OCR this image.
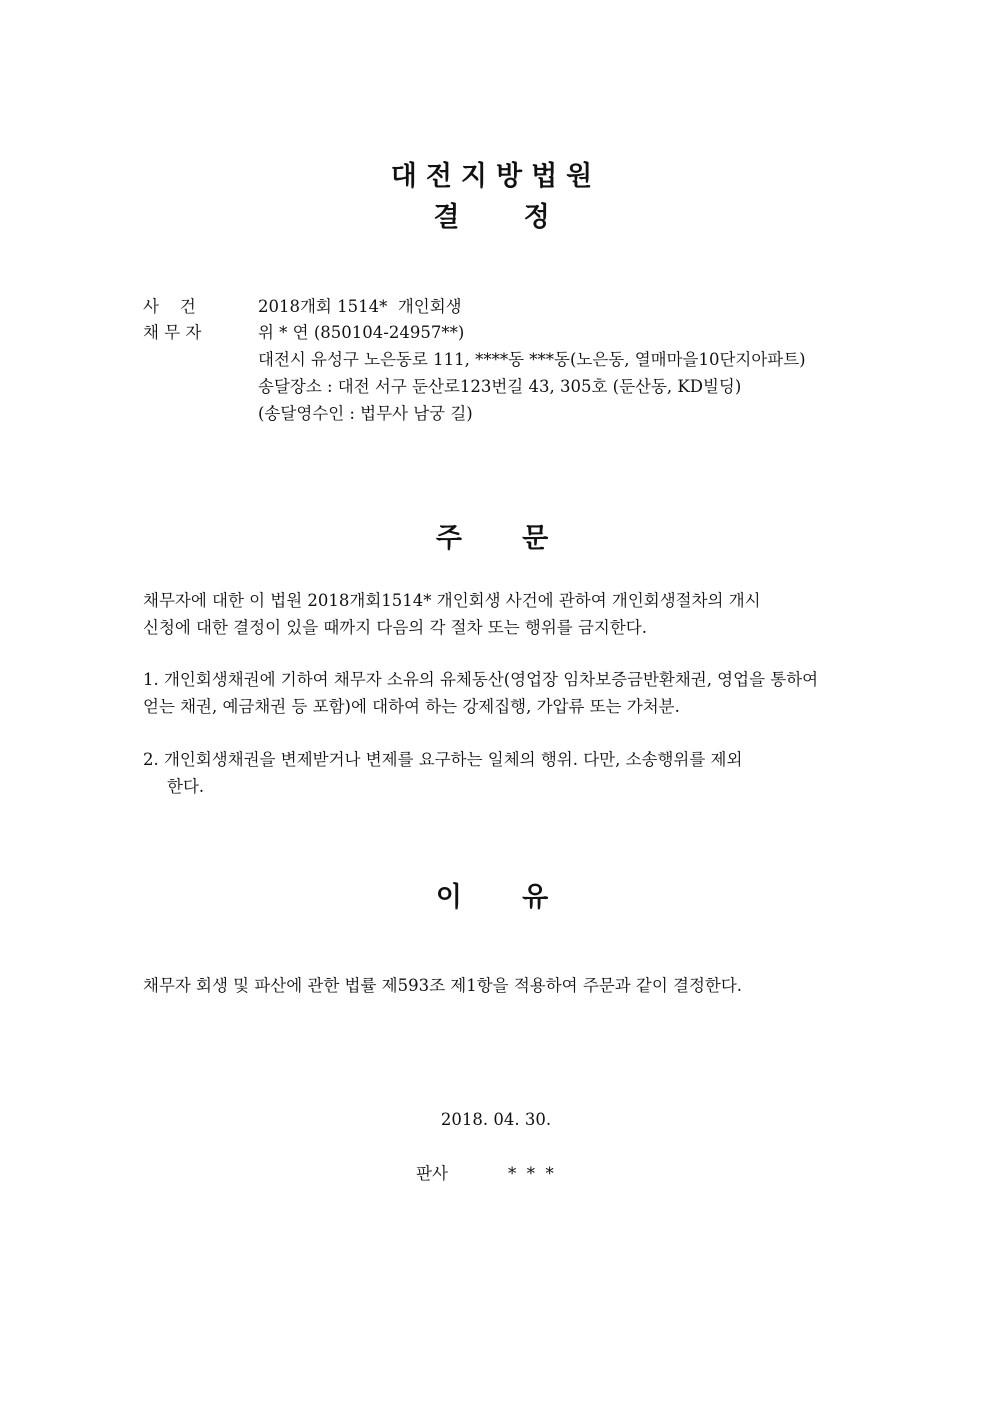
대전지방법원
결   정
사    건	2018개회 1514*  개인회생
채 무 자	위 * 연 (850104-24957**)
대전시 유성구 노은동로 111, ****동 ***동(노은동, 열매마을10단지아파트)
송달장소 : 대전 서구 둔산로123번길 43, 305호 (둔산동, KD빌딩)
(송달영수인 : 법무사 남궁 길)
주   문
채무자에 대한 이 법원 2018개회1514* 개인회생 사건에 관하여 개인회생절차의 개시
신청에 대한 결정이 있을 때까지 다음의 각 절차 또는 행위를 금지한다.
1. 개인회생채권에 기하여 채무자 소유의 유체동산(영업장 임차보증금반환채권, 영업을 통하여
얻는 채권, 예금채권 등 포함)에 대하여 하는 강제집행, 가압류 또는 가처분.
2. 개인회생채권을 변제받거나 변제를 요구하는 일체의 행위. 다만, 소송행위를 제외
한다.
이   유
채무자 회생 및 파산에 관한 법률 제593조 제1항을 적용하여 주문과 같이 결정한다.
2018. 04. 30.
판사	*  *  *
